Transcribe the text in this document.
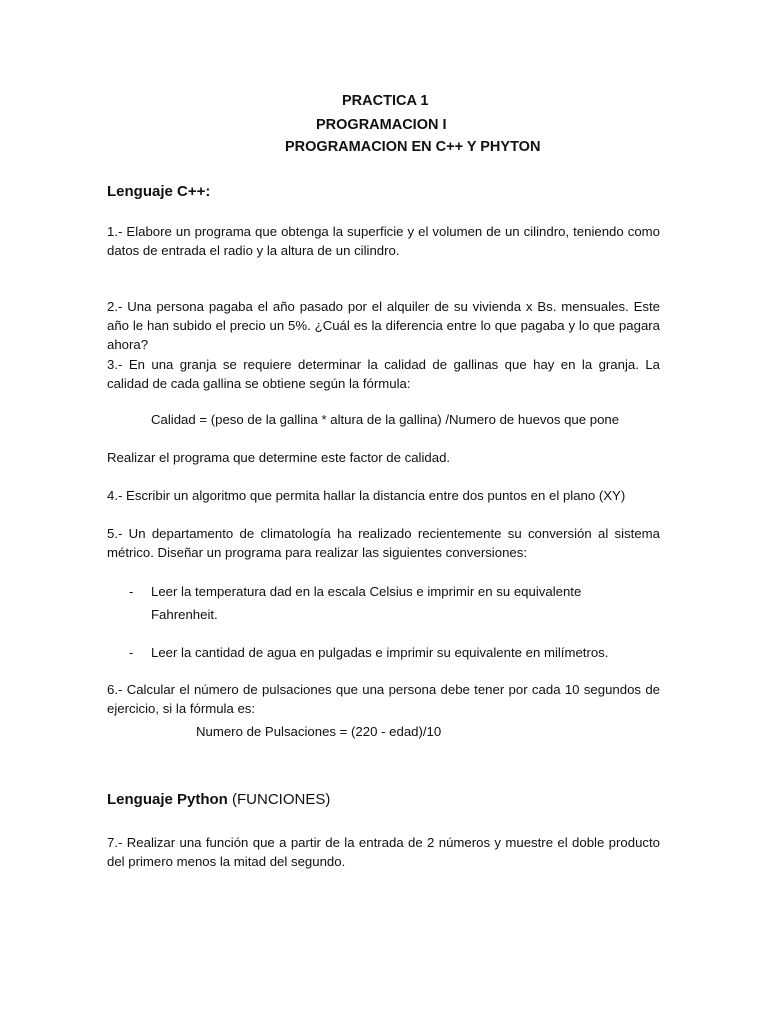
PRACTICA 1
PROGRAMACION I
PROGRAMACION EN C++ Y PHYTON
Lenguaje C++:
1.- Elabore un programa que obtenga la superficie y el volumen de un cilindro, teniendo como datos de entrada el radio y la altura de un cilindro.
2.- Una persona pagaba el año pasado por el alquiler de su vivienda x Bs. mensuales. Este año le han subido el precio un 5%. ¿Cuál es la diferencia entre lo que pagaba y lo que pagara ahora?
3.- En una granja se requiere determinar la calidad de gallinas que hay en la granja. La calidad de cada gallina se obtiene según la fórmula:
Calidad = (peso de la gallina * altura de la gallina) /Numero de huevos que pone
Realizar el programa que determine este factor de calidad.
4.- Escribir un algoritmo que permita hallar la distancia entre dos puntos en el plano (XY)
5.- Un departamento de climatología ha realizado recientemente su conversión al sistema métrico. Diseñar un programa para realizar las siguientes conversiones:
- Leer la temperatura dad en la escala Celsius e imprimir en su equivalente Fahrenheit.
- Leer la cantidad de agua en pulgadas e imprimir su equivalente en milímetros.
6.- Calcular el número de pulsaciones que una persona debe tener por cada 10 segundos de ejercicio, si la fórmula es:
Numero de Pulsaciones = (220 - edad)/10
Lenguaje Python (FUNCIONES)
7.- Realizar una función que a partir de la entrada de 2 números y muestre el doble producto del primero menos la mitad del segundo.
